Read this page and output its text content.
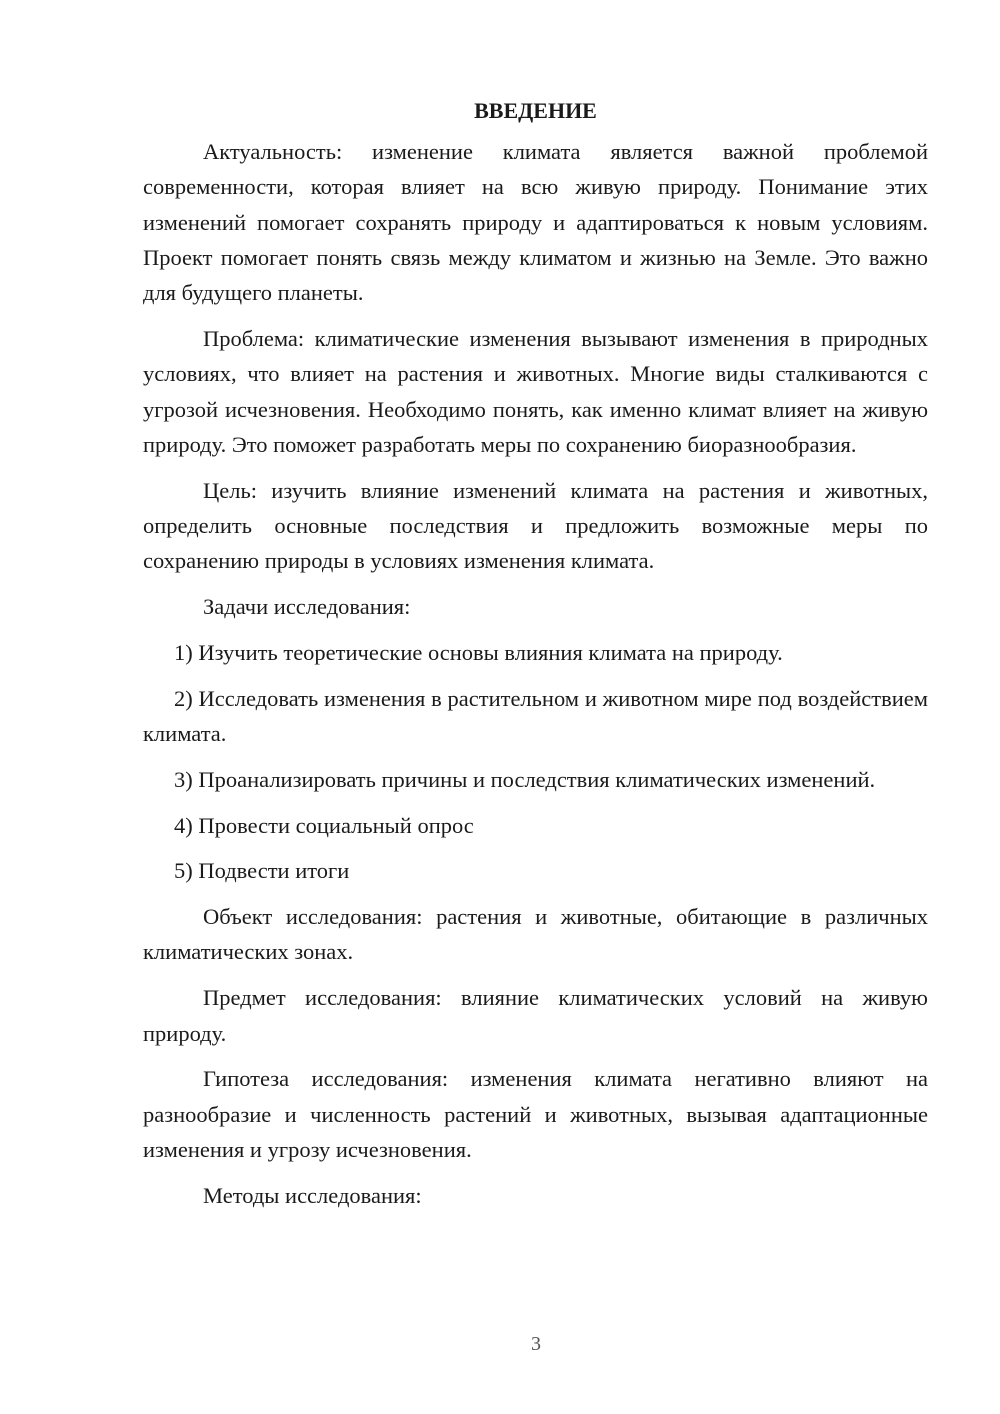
ВВЕДЕНИЕ

Актуальность: изменение климата является важной проблемой современности, которая влияет на всю живую природу. Понимание этих изменений помогает сохранять природу и адаптироваться к новым условиям. Проект помогает понять связь между климатом и жизнью на Земле. Это важно для будущего планеты.

Проблема: климатические изменения вызывают изменения в природных условиях, что влияет на растения и животных. Многие виды сталкиваются с угрозой исчезновения. Необходимо понять, как именно климат влияет на живую природу. Это поможет разработать меры по сохранению биоразнообразия.

Цель: изучить влияние изменений климата на растения и животных, определить основные последствия и предложить возможные меры по сохранению природы в условиях изменения климата.

Задачи исследования:

1) Изучить теоретические основы влияния климата на природу.

2) Исследовать изменения в растительном и животном мире под воздействием климата.

3) Проанализировать причины и последствия климатических изменений.

4) Провести социальный опрос

5) Подвести итоги

Объект исследования: растения и животные, обитающие в различных климатических зонах.

Предмет исследования: влияние климатических условий на живую природу.

Гипотеза исследования: изменения климата негативно влияют на разнообразие и численность растений и животных, вызывая адаптационные изменения и угрозу исчезновения.

Методы исследования:

3
